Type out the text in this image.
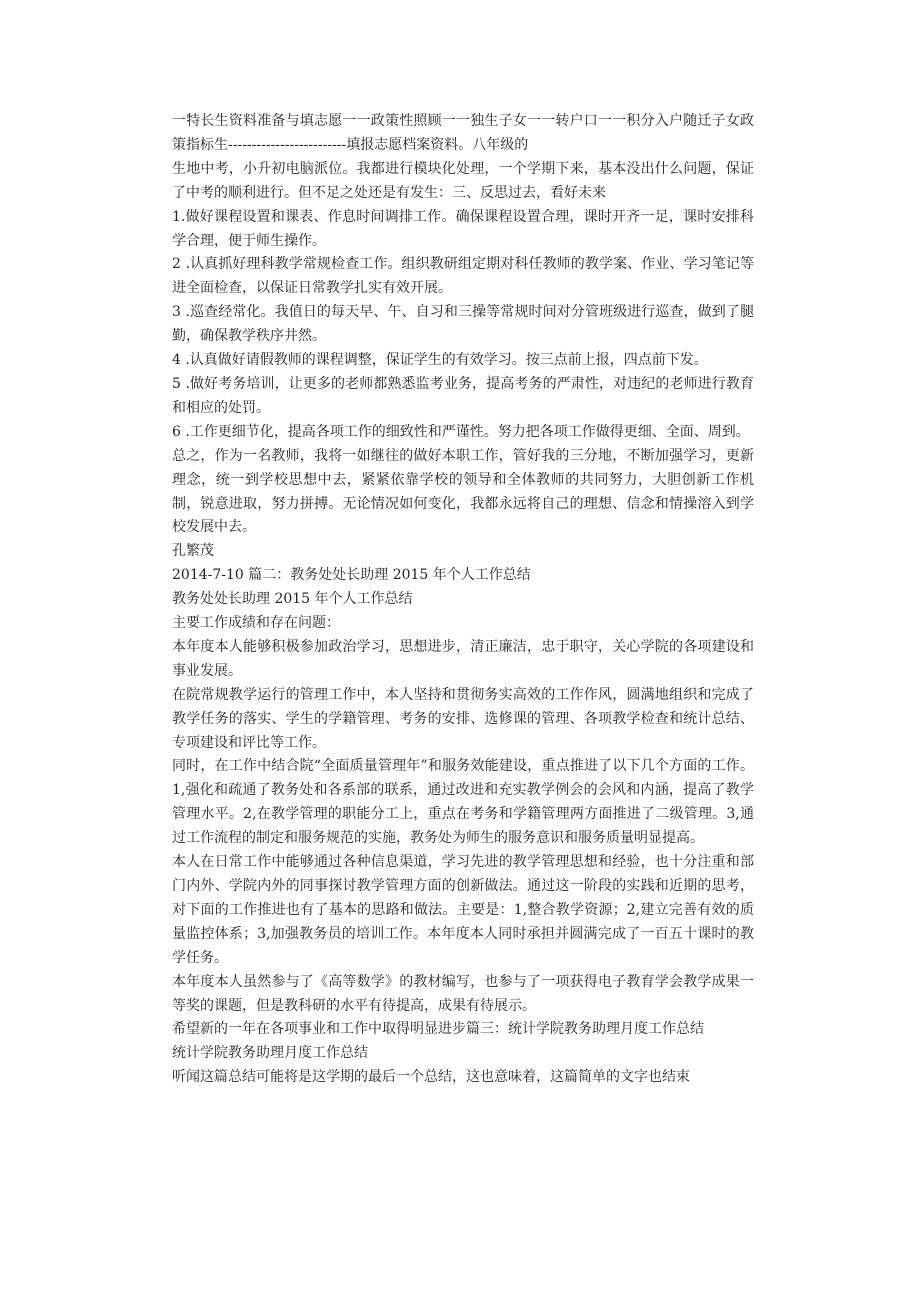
一特长生资料准备与填志愿一一政策性照顾一一独生子女一一转户口一一积分入户随迁子女政策指标生-------------------------填报志愿档案资料。八年级的

生地中考，小升初电脑派位。我都进行模块化处理，一个学期下来，基本没出什么问题，保证了中考的顺利进行。但不足之处还是有发生：三、反思过去，看好未来

1.做好课程设置和课表、作息时间调排工作。确保课程设置合理，课时开齐一足，课时安排科学合理，便于师生操作。

2 .认真抓好理科教学常规检查工作。组织教研组定期对科任教师的教学案、作业、学习笔记等进全面检查，以保证日常教学扎实有效开展。

3 .巡查经常化。我值日的每天早、午、自习和三操等常规时间对分管班级进行巡查，做到了腿勤，确保教学秩序井然。

4 .认真做好请假教师的课程调整，保证学生的有效学习。按三点前上报，四点前下发。

5 .做好考务培训，让更多的老师都熟悉监考业务，提高考务的严肃性，对违纪的老师进行教育和相应的处罚。

6 .工作更细节化，提高各项工作的细致性和严谨性。努力把各项工作做得更细、全面、周到。

总之，作为一名教师，我将一如继往的做好本职工作，管好我的三分地，不断加强学习，更新理念，统一到学校思想中去，紧紧依靠学校的领导和全体教师的共同努力，大胆创新工作机制，锐意进取，努力拼搏。无论情况如何变化，我都永远将自己的理想、信念和情操溶入到学校发展中去。

孔繁茂

2014-7-10 篇二：教务处处长助理 2015 年个人工作总结

教务处处长助理 2015 年个人工作总结

主要工作成绩和存在问题：

本年度本人能够积极参加政治学习，思想进步，清正廉洁，忠于职守，关心学院的各项建设和事业发展。

在院常规教学运行的管理工作中，本人坚持和贯彻务实高效的工作作风，圆满地组织和完成了教学任务的落实、学生的学籍管理、考务的安排、选修课的管理、各项教学检查和统计总结、专项建设和评比等工作。

同时，在工作中结合院“全面质量管理年”和服务效能建设，重点推进了以下几个方面的工作。1,强化和疏通了教务处和各系部的联系，通过改进和充实教学例会的会风和内涵，提高了教学管理水平。2,在教学管理的职能分工上，重点在考务和学籍管理两方面推进了二级管理。3,通过工作流程的制定和服务规范的实施，教务处为师生的服务意识和服务质量明显提高。

本人在日常工作中能够通过各种信息渠道，学习先进的教学管理思想和经验，也十分注重和部门内外、学院内外的同事探讨教学管理方面的创新做法。通过这一阶段的实践和近期的思考，对下面的工作推进也有了基本的思路和做法。主要是：1,整合教学资源；2,建立完善有效的质量监控体系；3,加强教务员的培训工作。本年度本人同时承担并圆满完成了一百五十课时的教学任务。

本年度本人虽然参与了《高等数学》的教材编写，也参与了一项获得电子教育学会教学成果一等奖的课题，但是教科研的水平有待提高，成果有待展示。

希望新的一年在各项事业和工作中取得明显进步篇三：统计学院教务助理月度工作总结

统计学院教务助理月度工作总结

听闻这篇总结可能将是这学期的最后一个总结，这也意味着，这篇简单的文字也结束
